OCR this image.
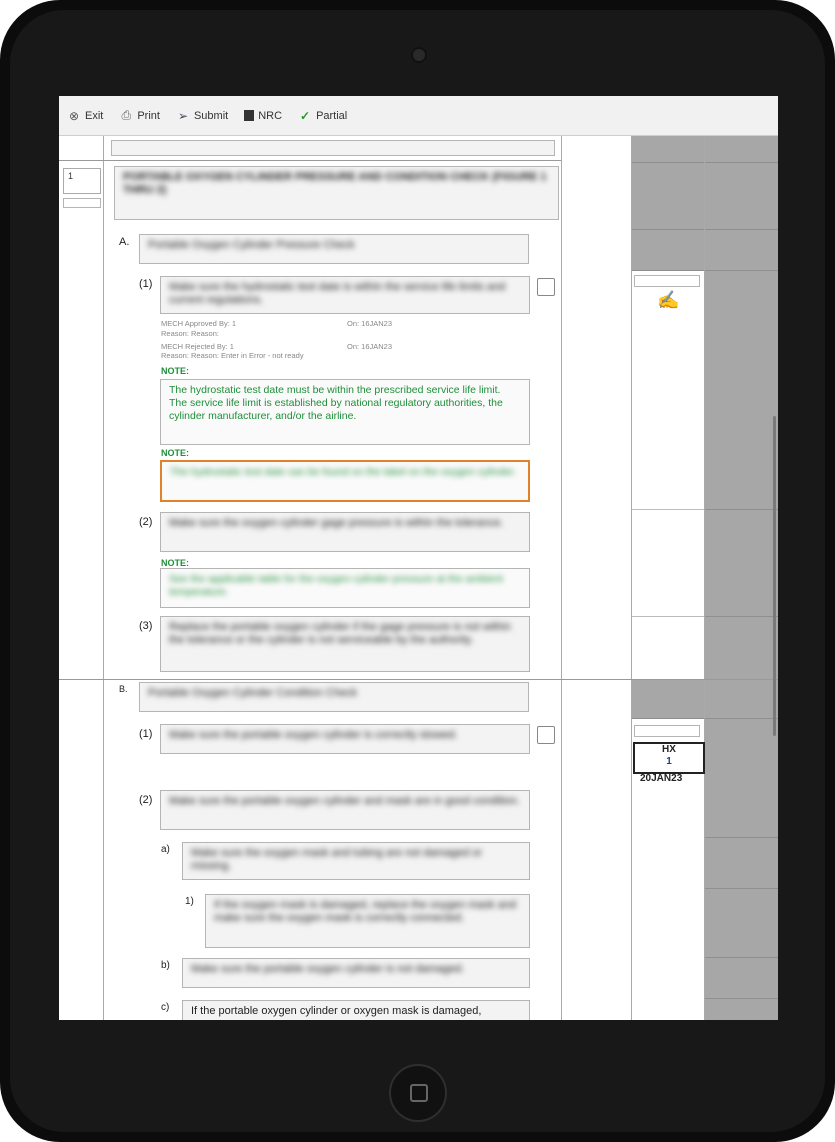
⊗ Exit ⎙ Print ➢ Submit	NRC ✓ Partial
✍
1	PORTABLE OXYGEN CYLINDER PRESSURE AND CONDITION CHECK (FIGURE 1 THRU 2)
A.	Portable Oxygen Cylinder Pressure Check
(1)	Make sure the hydrostatic test date is within the service life limits and current regulations.
MECH Approved By: 1	On: 16JAN23
Reason: Reason:
MECH Rejected By: 1	On: 16JAN23
Reason: Reason: Enter in Error - not ready
NOTE:
The hydrostatic test date must be within the prescribed service life limit. The service life limit is established by national regulatory authorities, the cylinder manufacturer, and/or the airline.
NOTE:
The hydrostatic test date can be found on the label on the oxygen cylinder.
(2)	Make sure the oxygen cylinder gage pressure is within the tolerance.
NOTE:
See the applicable table for the oxygen cylinder pressure at the ambient temperature.
(3)	Replace the portable oxygen cylinder if the gage pressure is not within the tolerance or the cylinder is not serviceable by the authority.
HX
1
20JAN23
B.	Portable Oxygen Cylinder Condition Check
(1)	Make sure the portable oxygen cylinder is correctly stowed.
(2)	Make sure the portable oxygen cylinder and mask are in good condition.
a)	Make sure the oxygen mask and tubing are not damaged or missing.
1)	If the oxygen mask is damaged, replace the oxygen mask and make sure the oxygen mask is correctly connected.
b)	Make sure the portable oxygen cylinder is not damaged.
c)	If the portable oxygen cylinder or oxygen mask is damaged,
